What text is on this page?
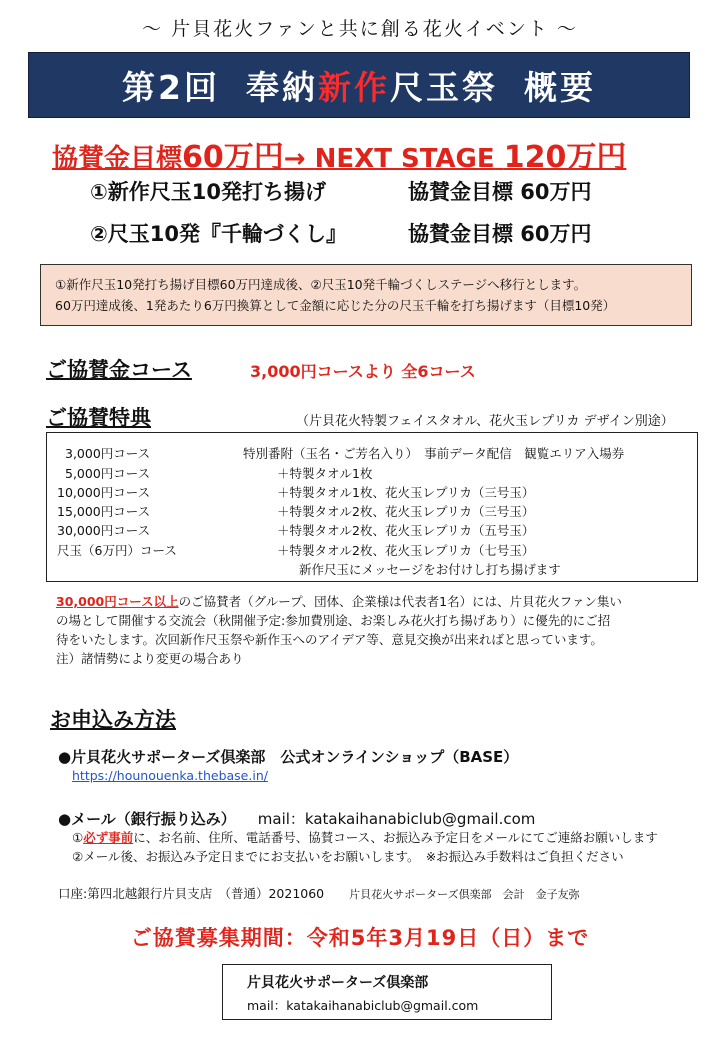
～ 片貝花火ファンと共に創る花火イベント ～
第2回 奉納 新作 尺玉祭 概要
協賛金目標60万円→ NEXT STAGE 120万円
①新作尺玉10発打ち揚げ	協賛金目標 60万円
②尺玉10発『千輪づくし』	協賛金目標 60万円
①新作尺玉10発打ち揚げ目標60万円達成後、②尺玉10発千輪づくしステージへ移行とします。
60万円達成後、1発あたり6万円換算として金額に応じた分の尺玉千輪を打ち揚げます（目標10発）
ご協賛金コース	3,000円コースより 全6コース
ご協賛特典	（片貝花火特製フェイスタオル、花火玉レプリカ デザイン別途）
3,000円コース	特別番附（玉名・ご芳名入り）　事前データ配信　観覧エリア入場券
5,000円コース	＋特製タオル1枚
10,000円コース	＋特製タオル1枚、花火玉レプリカ（三号玉）
15,000円コース	＋特製タオル2枚、花火玉レプリカ（三号玉）
30,000円コース	＋特製タオル2枚、花火玉レプリカ（五号玉）
尺玉（6万円）コース	＋特製タオル2枚、花火玉レプリカ（七号玉）
新作尺玉にメッセージをお付けし打ち揚げます
30,000円コース以上のご協賛者（グループ、団体、企業様は代表者1名）には、片貝花火ファン集い
の場として開催する交流会（秋開催予定:参加費別途、お楽しみ花火打ち揚げあり）に優先的にご招
待をいたします。次回新作尺玉祭や新作玉へのアイデア等、意見交換が出来ればと思っています。
注）諸情勢により変更の場合あり
お申込み方法
●片貝花火サポーターズ倶楽部　公式オンラインショップ（BASE）
https://hounouenka.thebase.in/
●メール（銀行振り込み） mail：katakaihanabiclub@gmail.com
①必ず事前に、お名前、住所、電話番号、協賛コース、お振込み予定日をメールにてご連絡お願いします
②メール後、お振込み予定日までにお支払いをお願いします。　※お振込み手数料はご負担ください
口座:第四北越銀行片貝支店　（普通）2021060　　 片貝花火サポーターズ倶楽部　会計　金子友弥
ご協賛募集期間：令和5年3月19日（日）まで
片貝花火サポーターズ倶楽部
mail：katakaihanabiclub@gmail.com
